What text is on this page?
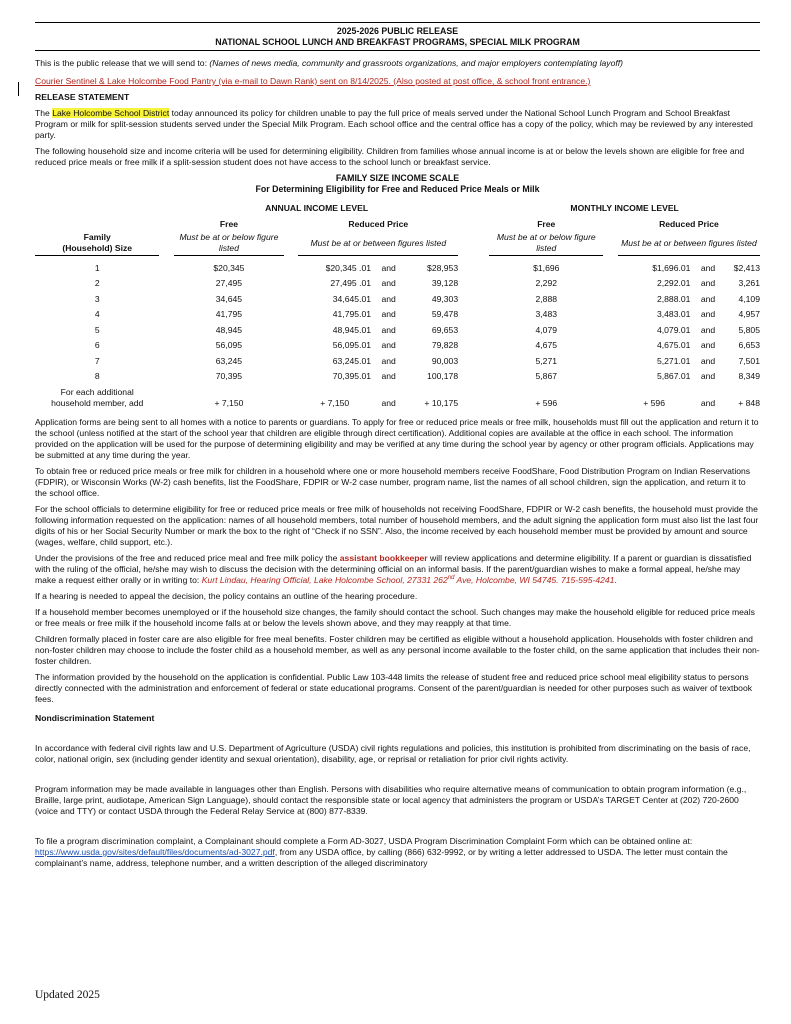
2025-2026 PUBLIC RELEASE
NATIONAL SCHOOL LUNCH AND BREAKFAST PROGRAMS, SPECIAL MILK PROGRAM

This is the public release that we will send to: (Names of news media, community and grassroots organizations, and major employers contemplating layoff)

Courier Sentinel & Lake Holcombe Food Pantry (via e-mail to Dawn Rank) sent on 8/14/2025. (Also posted at post office, & school front entrance.)

RELEASE STATEMENT

The Lake Holcombe School District today announced its policy for children unable to pay the full price of meals served under the National School Lunch Program and School Breakfast Program or milk for split-session students served under the Special Milk Program. Each school office and the central office has a copy of the policy, which may be reviewed by any interested party.

The following household size and income criteria will be used for determining eligibility. Children from families whose annual income is at or below the levels shown are eligible for free and reduced price meals or free milk if a split-session student does not have access to the school lunch or breakfast service.

FAMILY SIZE INCOME SCALE
For Determining Eligibility for Free and Reduced Price Meals or Milk
		ANNUAL INCOME LEVEL						MONTHLY INCOME LEVEL				
		Free		Reduced Price				Free		Reduced Price		
Family
(Household) Size		Must be at or below figure listed		Must be at or between figures listed				Must be at or below figure listed		Must be at or between figures listed		

1		$20,345		$20,345 .01	and	$28,953		$1,696		$1,696.01	and	$2,413
2		27,495		27,495 .01	and	39,128		2,292		2,292.01	and	3,261
3		34,645		34,645.01	and	49,303		2,888		2,888.01	and	4,109
4		41,795		41,795.01	and	59,478		3,483		3,483.01	and	4,957
5		48,945		48,945.01	and	69,653		4,079		4,079.01	and	5,805
6		56,095		56,095.01	and	79,828		4,675		4,675.01	and	6,653
7		63,245		63,245.01	and	90,003		5,271		5,271.01	and	7,501
8		70,395		70,395.01	and	100,178		5,867		5,867.01	and	8,349
For each additional
household member, add		+ 7,150		+ 7,150	and	+ 10,175		+ 596		+ 596	and	+ 848

Application forms are being sent to all homes with a notice to parents or guardians. To apply for free or reduced price meals or free milk, households must fill out the application and return it to the school (unless notified at the start of the school year that children are eligible through direct certification). Additional copies are available at the office in each school. The information provided on the application will be used for the purpose of determining eligibility and may be verified at any time during the school year by agency or other program officials. Applications may be submitted at any time during the year.

To obtain free or reduced price meals or free milk for children in a household where one or more household members receive FoodShare, Food Distribution Program on Indian Reservations (FDPIR), or Wisconsin Works (W-2) cash benefits, list the FoodShare, FDPIR or W-2 case number, program name, list the names of all school children, sign the application, and return it to the school office.

For the school officials to determine eligibility for free or reduced price meals or free milk of households not receiving FoodShare, FDPIR or W-2 cash benefits, the household must provide the following information requested on the application: names of all household members, total number of household members, and the adult signing the application form must also list the last four digits of his or her Social Security Number or mark the box to the right of “Check if no SSN”. Also, the income received by each household member must be provided by amount and source (wages, welfare, child support, etc.).

Under the provisions of the free and reduced price meal and free milk policy the assistant bookkeeper will review applications and determine eligibility. If a parent or guardian is dissatisfied with the ruling of the official, he/she may wish to discuss the decision with the determining official on an informal basis. If the parent/guardian wishes to make a formal appeal, he/she may make a request either orally or in writing to: Kurt Lindau, Hearing Official, Lake Holcombe School, 27331 262nd Ave, Holcombe, WI 54745. 715-595-4241.

If a hearing is needed to appeal the decision, the policy contains an outline of the hearing procedure.

If a household member becomes unemployed or if the household size changes, the family should contact the school. Such changes may make the household eligible for reduced price meals or free meals or free milk if the household income falls at or below the levels shown above, and they may reapply at that time.

Children formally placed in foster care are also eligible for free meal benefits. Foster children may be certified as eligible without a household application. Households with foster children and non-foster children may choose to include the foster child as a household member, as well as any personal income available to the foster child, on the same application that includes their non-foster children.

The information provided by the household on the application is confidential. Public Law 103-448 limits the release of student free and reduced price school meal eligibility status to persons directly connected with the administration and enforcement of federal or state educational programs. Consent of the parent/guardian is needed for other purposes such as waiver of textbook fees.

Nondiscrimination Statement

In accordance with federal civil rights law and U.S. Department of Agriculture (USDA) civil rights regulations and policies, this institution is prohibited from discriminating on the basis of race, color, national origin, sex (including gender identity and sexual orientation), disability, age, or reprisal or retaliation for prior civil rights activity.

Program information may be made available in languages other than English. Persons with disabilities who require alternative means of communication to obtain program information (e.g., Braille, large print, audiotape, American Sign Language), should contact the responsible state or local agency that administers the program or USDA’s TARGET Center at (202) 720-2600 (voice and TTY) or contact USDA through the Federal Relay Service at (800) 877-8339.

To file a program discrimination complaint, a Complainant should complete a Form AD-3027, USDA Program Discrimination Complaint Form which can be obtained online at: https://www.usda.gov/sites/default/files/documents/ad-3027.pdf, from any USDA office, by calling (866) 632-9992, or by writing a letter addressed to USDA. The letter must contain the complainant’s name, address, telephone number, and a written description of the alleged discriminatory

Updated 2025
